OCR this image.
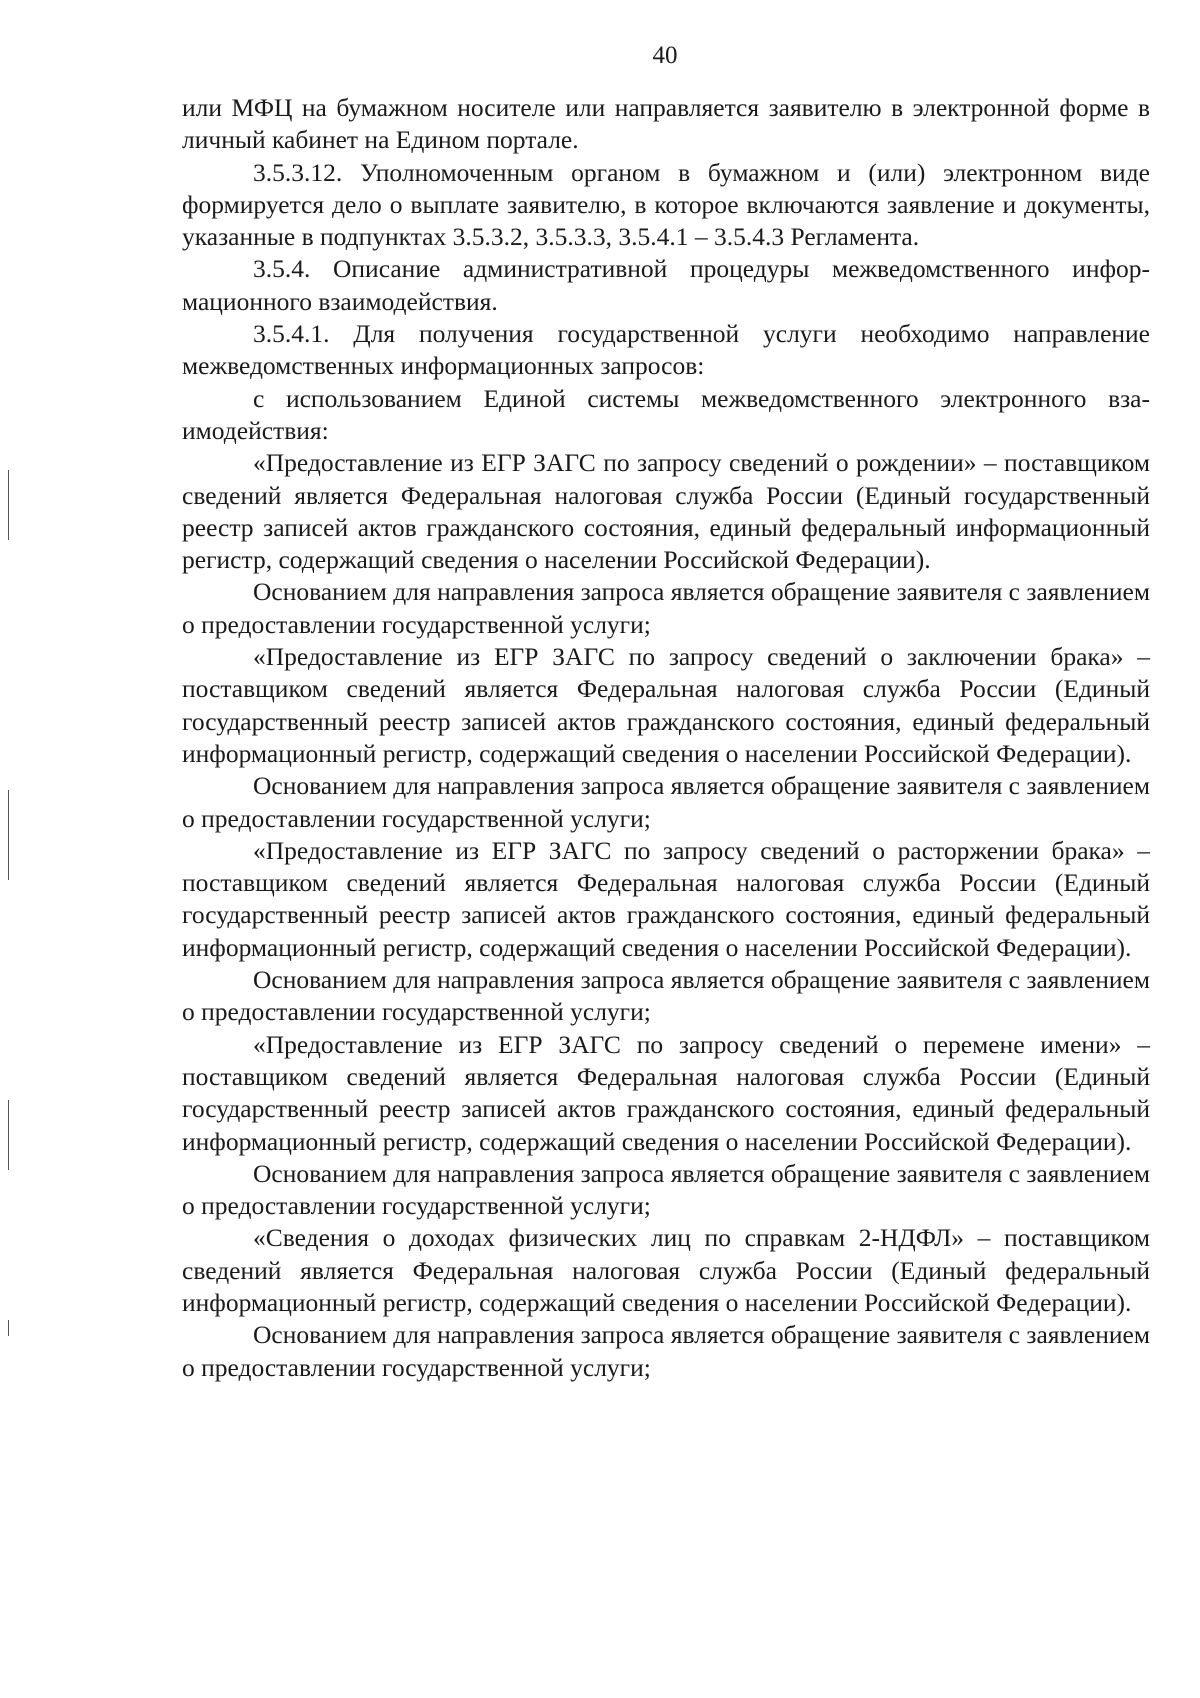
40

или МФЦ на бумажном носителе или направляется заявителю в электронной форме в личный кабинет на Едином портале.

3.5.3.12. Уполномоченным органом в бумажном и (или) электронном виде формируется дело о выплате заявителю, в которое включаются заявление и документы, указанные в подпунктах 3.5.3.2, 3.5.3.3, 3.5.4.1 – 3.5.4.3 Регламента.

3.5.4. Описание административной процедуры межведомственного информационного взаимодействия.

3.5.4.1. Для получения государственной услуги необходимо направление межведомственных информационных запросов:

с использованием Единой системы межведомственного электронного взаимодействия:

«Предоставление из ЕГР ЗАГС по запросу сведений о рождении» – поставщиком сведений является Федеральная налоговая служба России (Единый государственный реестр записей актов гражданского состояния, единый федеральный информационный регистр, содержащий сведения о населении Российской Федерации).

Основанием для направления запроса является обращение заявителя с заявлением о предоставлении государственной услуги;

«Предоставление из ЕГР ЗАГС по запросу сведений о заключении брака» – поставщиком сведений является Федеральная налоговая служба России (Единый государственный реестр записей актов гражданского состояния, единый федеральный информационный регистр, содержащий сведения о населении Российской Федерации).

Основанием для направления запроса является обращение заявителя с заявлением о предоставлении государственной услуги;

«Предоставление из ЕГР ЗАГС по запросу сведений о расторжении брака» – поставщиком сведений является Федеральная налоговая служба России (Единый государственный реестр записей актов гражданского состояния, единый федеральный информационный регистр, содержащий сведения о населении Российской Федерации).

Основанием для направления запроса является обращение заявителя с заявлением о предоставлении государственной услуги;

«Предоставление из ЕГР ЗАГС по запросу сведений о перемене имени» – поставщиком сведений является Федеральная налоговая служба России (Единый государственный реестр записей актов гражданского состояния, единый федеральный информационный регистр, содержащий сведения о населении Российской Федерации).

Основанием для направления запроса является обращение заявителя с заявлением о предоставлении государственной услуги;

«Сведения о доходах физических лиц по справкам 2-НДФЛ» – поставщиком сведений является Федеральная налоговая служба России (Единый федеральный информационный регистр, содержащий сведения о населении Российской Федерации).

Основанием для направления запроса является обращение заявителя с заявлением о предоставлении государственной услуги;
